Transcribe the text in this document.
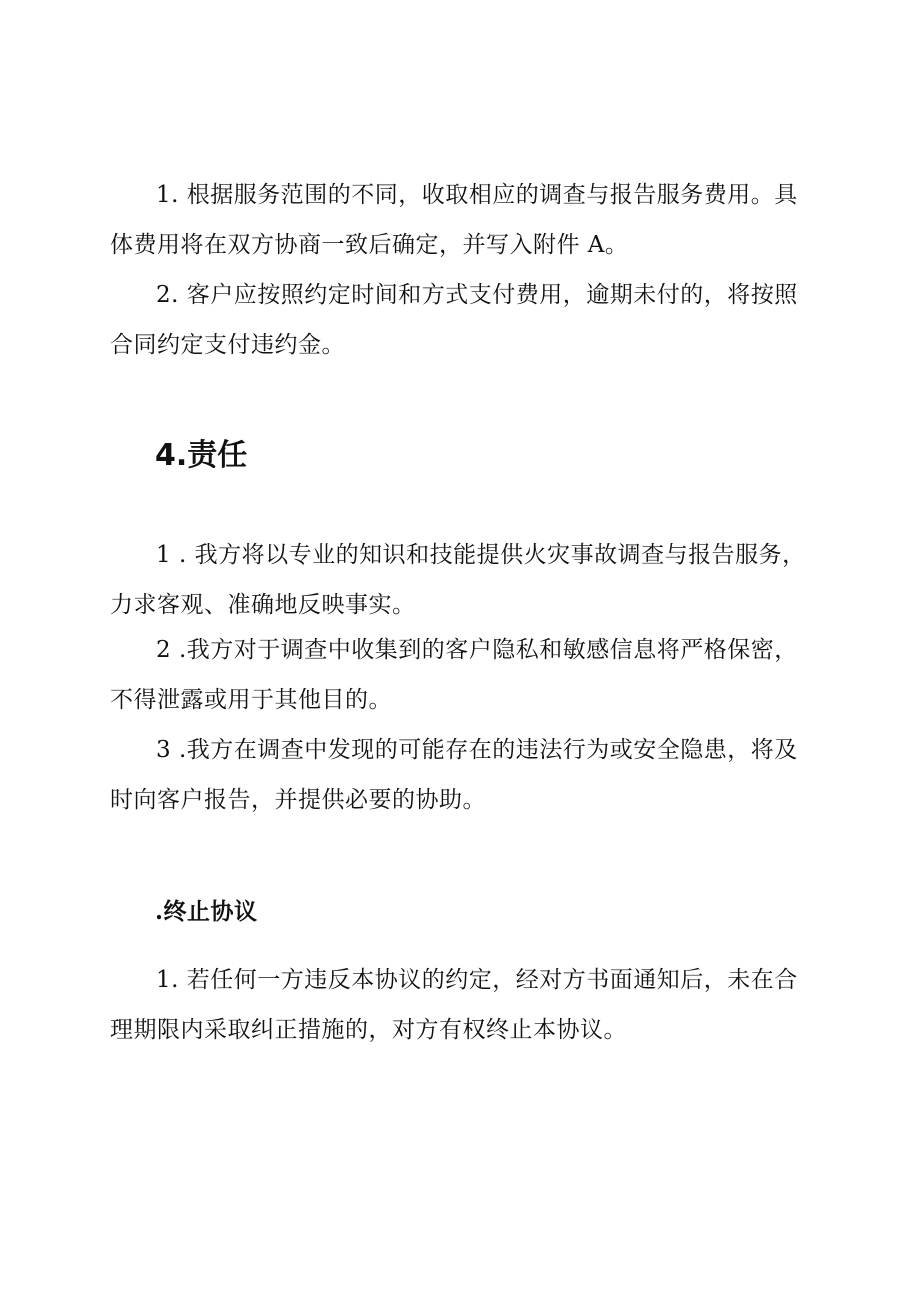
1. 根据服务范围的不同，收取相应的调查与报告服务费用。具体费用将在双方协商一致后确定，并写入附件 A。

2. 客户应按照约定时间和方式支付费用，逾期未付的，将按照合同约定支付违约金。

4.责任

1 . 我方将以专业的知识和技能提供火灾事故调查与报告服务，力求客观、准确地反映事实。

2 .我方对于调查中收集到的客户隐私和敏感信息将严格保密，不得泄露或用于其他目的。

3 .我方在调查中发现的可能存在的违法行为或安全隐患，将及时向客户报告，并提供必要的协助。

.终止协议

1. 若任何一方违反本协议的约定，经对方书面通知后，未在合理期限内采取纠正措施的，对方有权终止本协议。
